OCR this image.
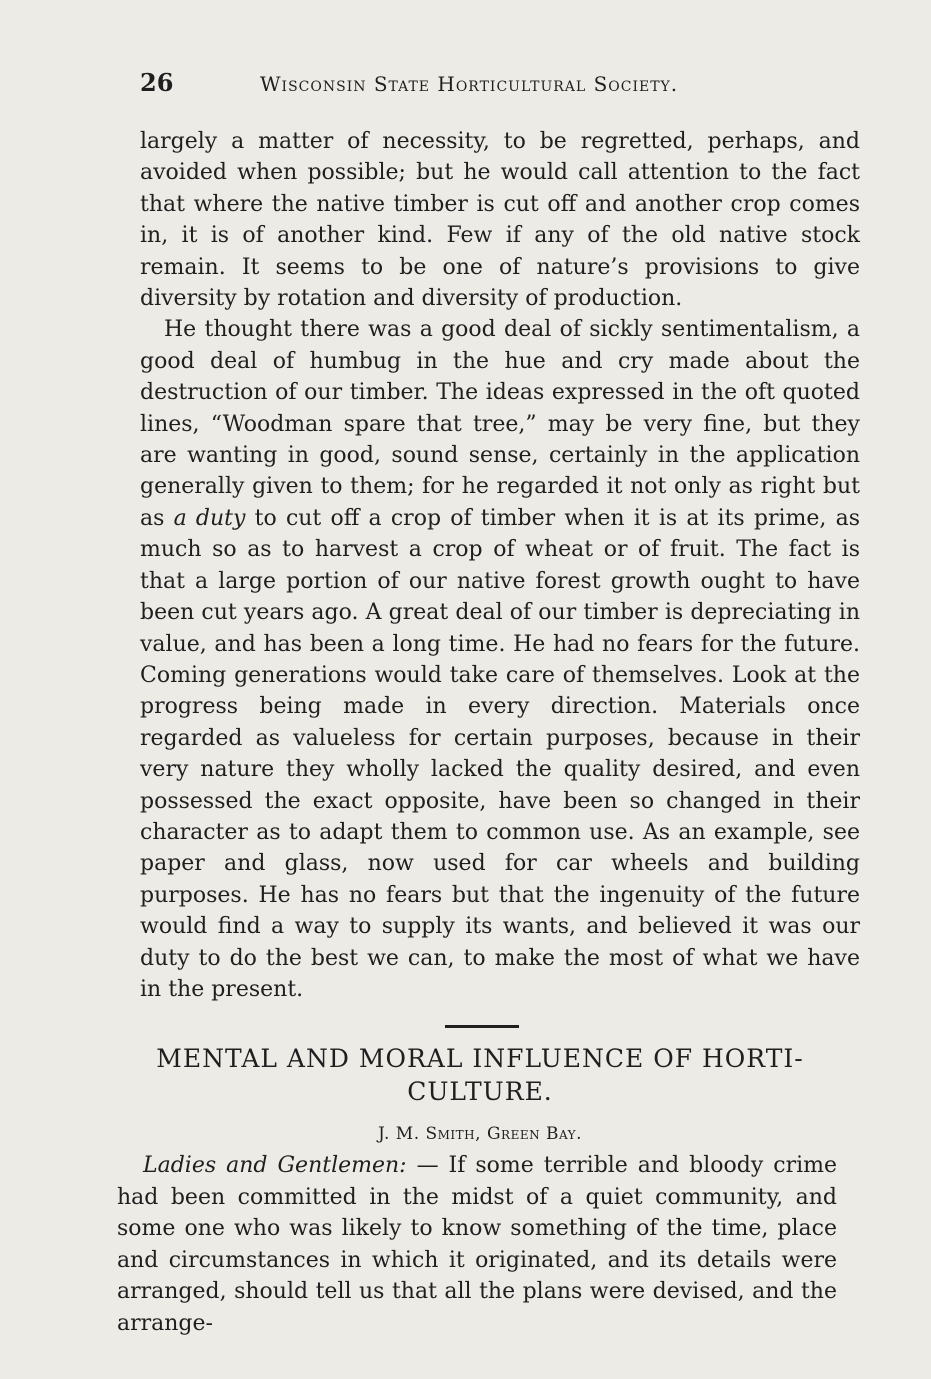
26	Wisconsin State Horticultural Society.

largely a matter of necessity, to be regretted, perhaps, and avoided when possible; but he would call attention to the fact that where the native timber is cut off and another crop comes in, it is of another kind. Few if any of the old native stock remain. It seems to be one of nature’s provisions to give diversity by rotation and diversity of production.

He thought there was a good deal of sickly sentimentalism, a good deal of humbug in the hue and cry made about the destruction of our timber. The ideas expressed in the oft quoted lines, “Woodman spare that tree,” may be very fine, but they are wanting in good, sound sense, certainly in the application generally given to them; for he regarded it not only as right but as a duty to cut off a crop of timber when it is at its prime, as much so as to harvest a crop of wheat or of fruit. The fact is that a large portion of our native forest growth ought to have been cut years ago. A great deal of our timber is depreciating in value, and has been a long time. He had no fears for the future. Coming generations would take care of themselves. Look at the progress being made in every direction. Materials once regarded as valueless for certain purposes, because in their very nature they wholly lacked the quality desired, and even possessed the exact opposite, have been so changed in their character as to adapt them to common use. As an example, see paper and glass, now used for car wheels and building purposes. He has no fears but that the ingenuity of the future would find a way to supply its wants, and believed it was our duty to do the best we can, to make the most of what we have in the present.

MENTAL AND MORAL INFLUENCE OF HORTI-
CULTURE.
J. M. Smith, Green Bay.

Ladies and Gentlemen: — If some terrible and bloody crime had been committed in the midst of a quiet community, and some one who was likely to know something of the time, place and circumstances in which it originated, and its details were arranged, should tell us that all the plans were devised, and the arrange-
